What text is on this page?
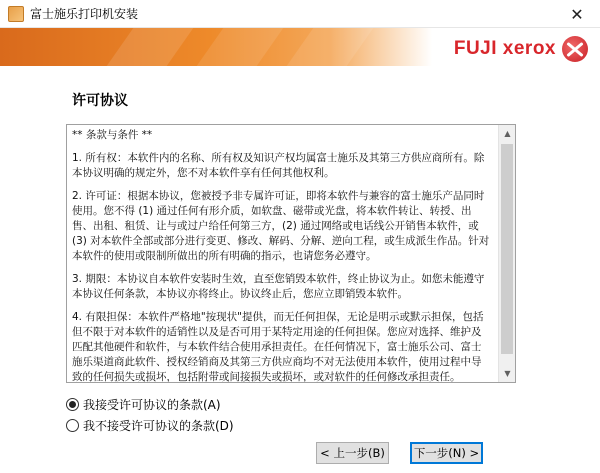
富士施乐打印机安装	✕
FUJI xerox
许可协议

** 条款与条件 **

1. 所有权：本软件内的名称、所有权及知识产权均属富士施乐及其第三方供应商所有。除本协议明确的规定外，您不对本软件享有任何其他权利。

2. 许可证：根据本协议，您被授予非专属许可证，即将本软件与兼容的富士施乐产品同时使用。您不得 (1) 通过任何有形介质，如软盘、磁带或光盘，将本软件转让、转授、出售、出租、租赁、让与或过户给任何第三方，(2) 通过网络或电话线公开销售本软件，或 (3) 对本软件全部或部分进行变更、修改、解码、分解、逆向工程，或生成派生作品。针对本软件的使用或限制所做出的所有明确的指示，也请您务必遵守。

3. 期限：本协议自本软件安装时生效，直至您销毁本软件，终止协议为止。如您未能遵守本协议任何条款，本协议亦将终止。协议终止后，您应立即销毁本软件。

4. 有限担保：本软件严格地"按现状"提供，而无任何担保，无论是明示或默示担保，包括但不限于对本软件的适销性以及是否可用于某特定用途的任何担保。您应对选择、维护及匹配其他硬件和软件，与本软件结合使用承担责任。在任何情况下，富士施乐公司、富士施乐渠道商此软件、授权经销商及其第三方供应商均不对无法使用本软件，使用过程中导致的任何损失或损坏，包括附带或间接损失或损坏，或对软件的任何修改承担责任。

▲
▼
我接受许可协议的条款(A)
我不接受许可协议的条款(D)
< 上一步(B)	下一步(N) >
